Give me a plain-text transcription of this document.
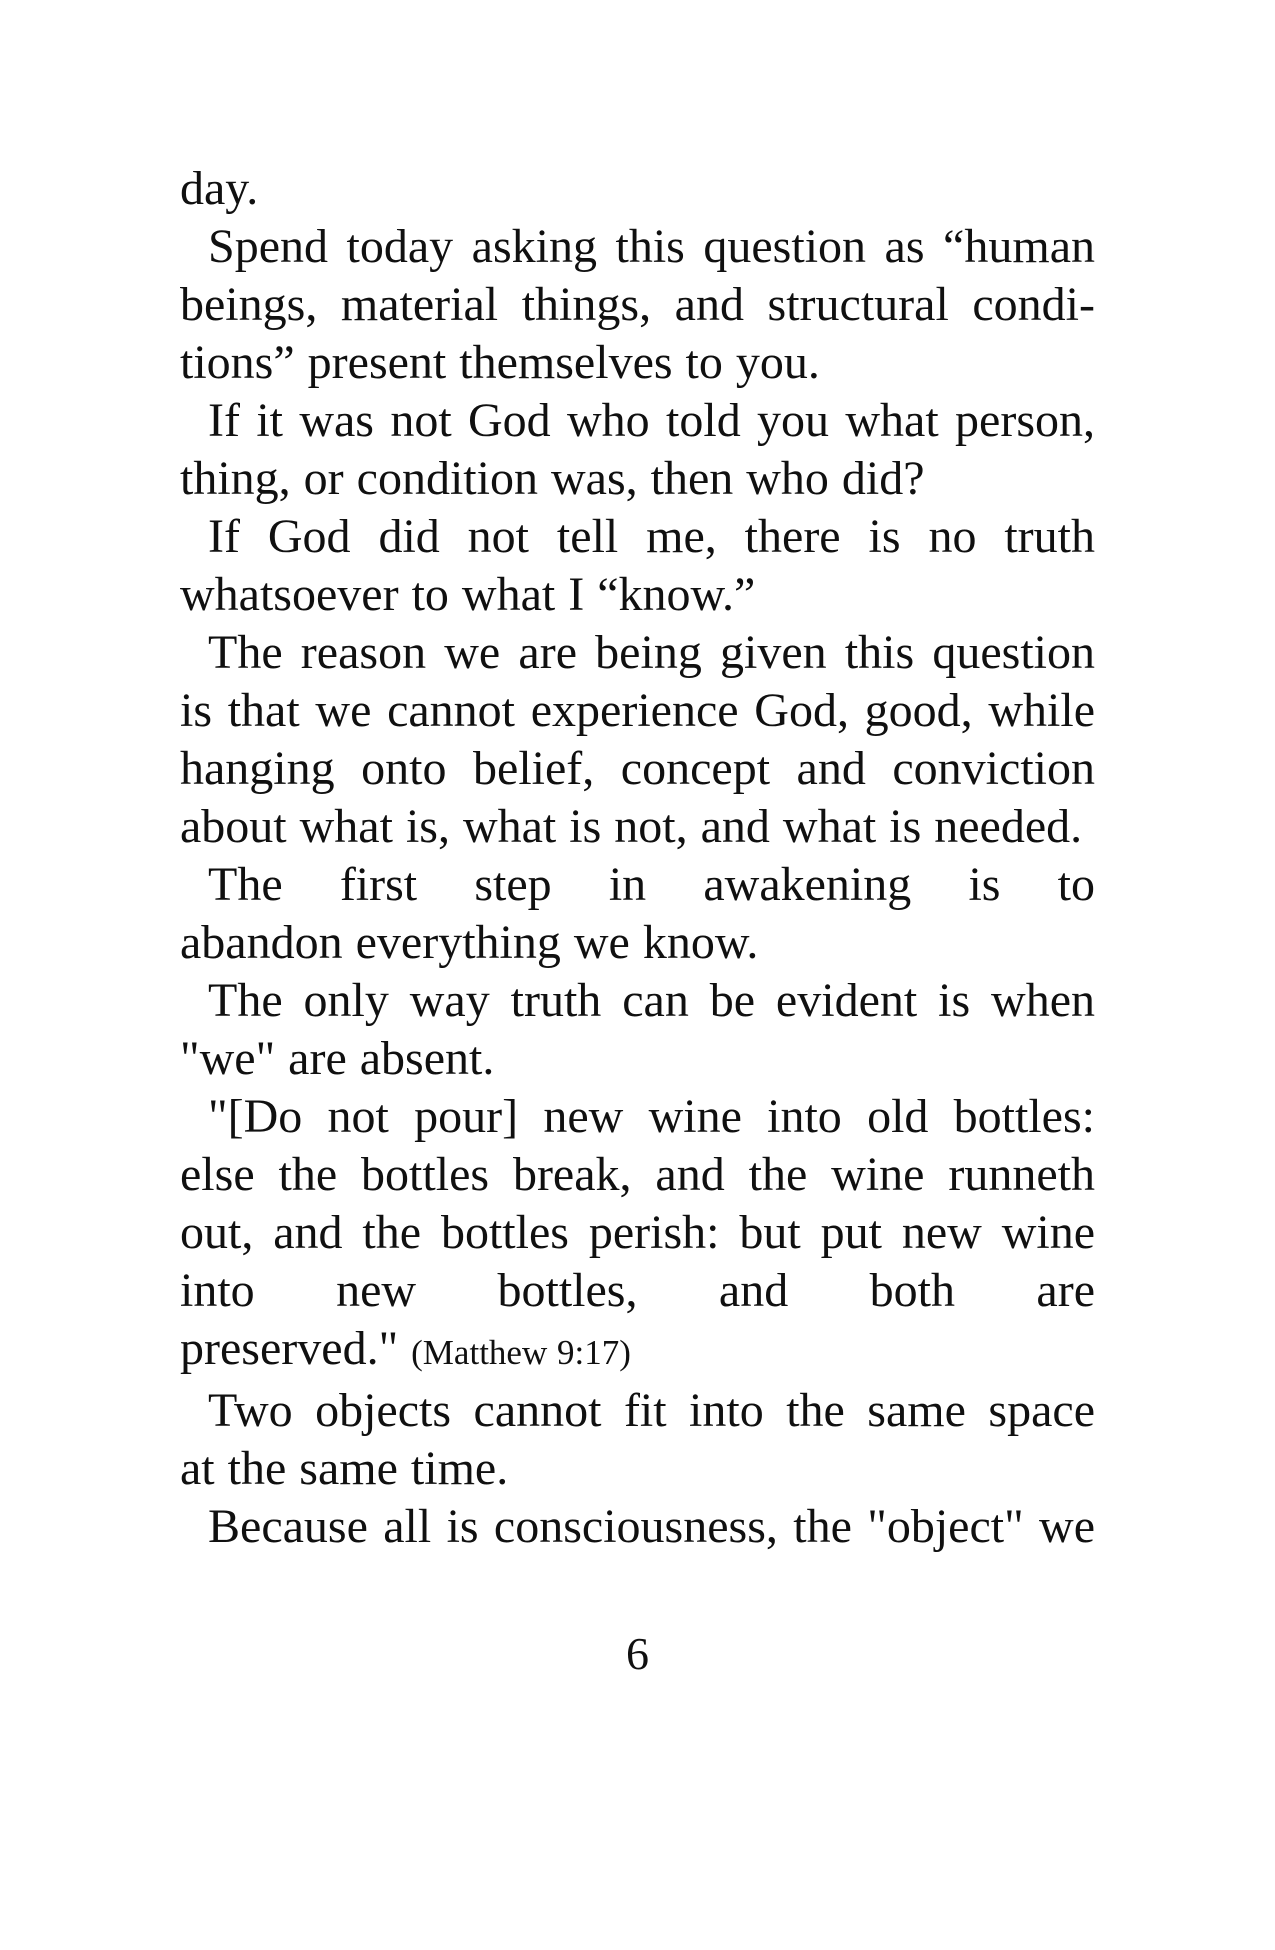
day.
Spend today asking this question as “human
beings, material things, and structural condi-
tions” present themselves to you.
If it was not God who told you what person,
thing, or condition was, then who did?
If God did not tell me, there is no truth
whatsoever to what I “know.”
The reason we are being given this question
is that we cannot experience God, good, while
hanging onto belief, concept and conviction
about what is, what is not, and what is needed.
The first step in awakening is to
abandon everything we know.
The only way truth can be evident is when
"we" are absent.
"[Do not pour] new wine into old bottles:
else the bottles break, and the wine runneth
out, and the bottles perish: but put new wine
into new bottles, and both are
preserved." (Matthew 9:17)
Two objects cannot fit into the same space
at the same time.
Because all is consciousness, the "object" we
6
